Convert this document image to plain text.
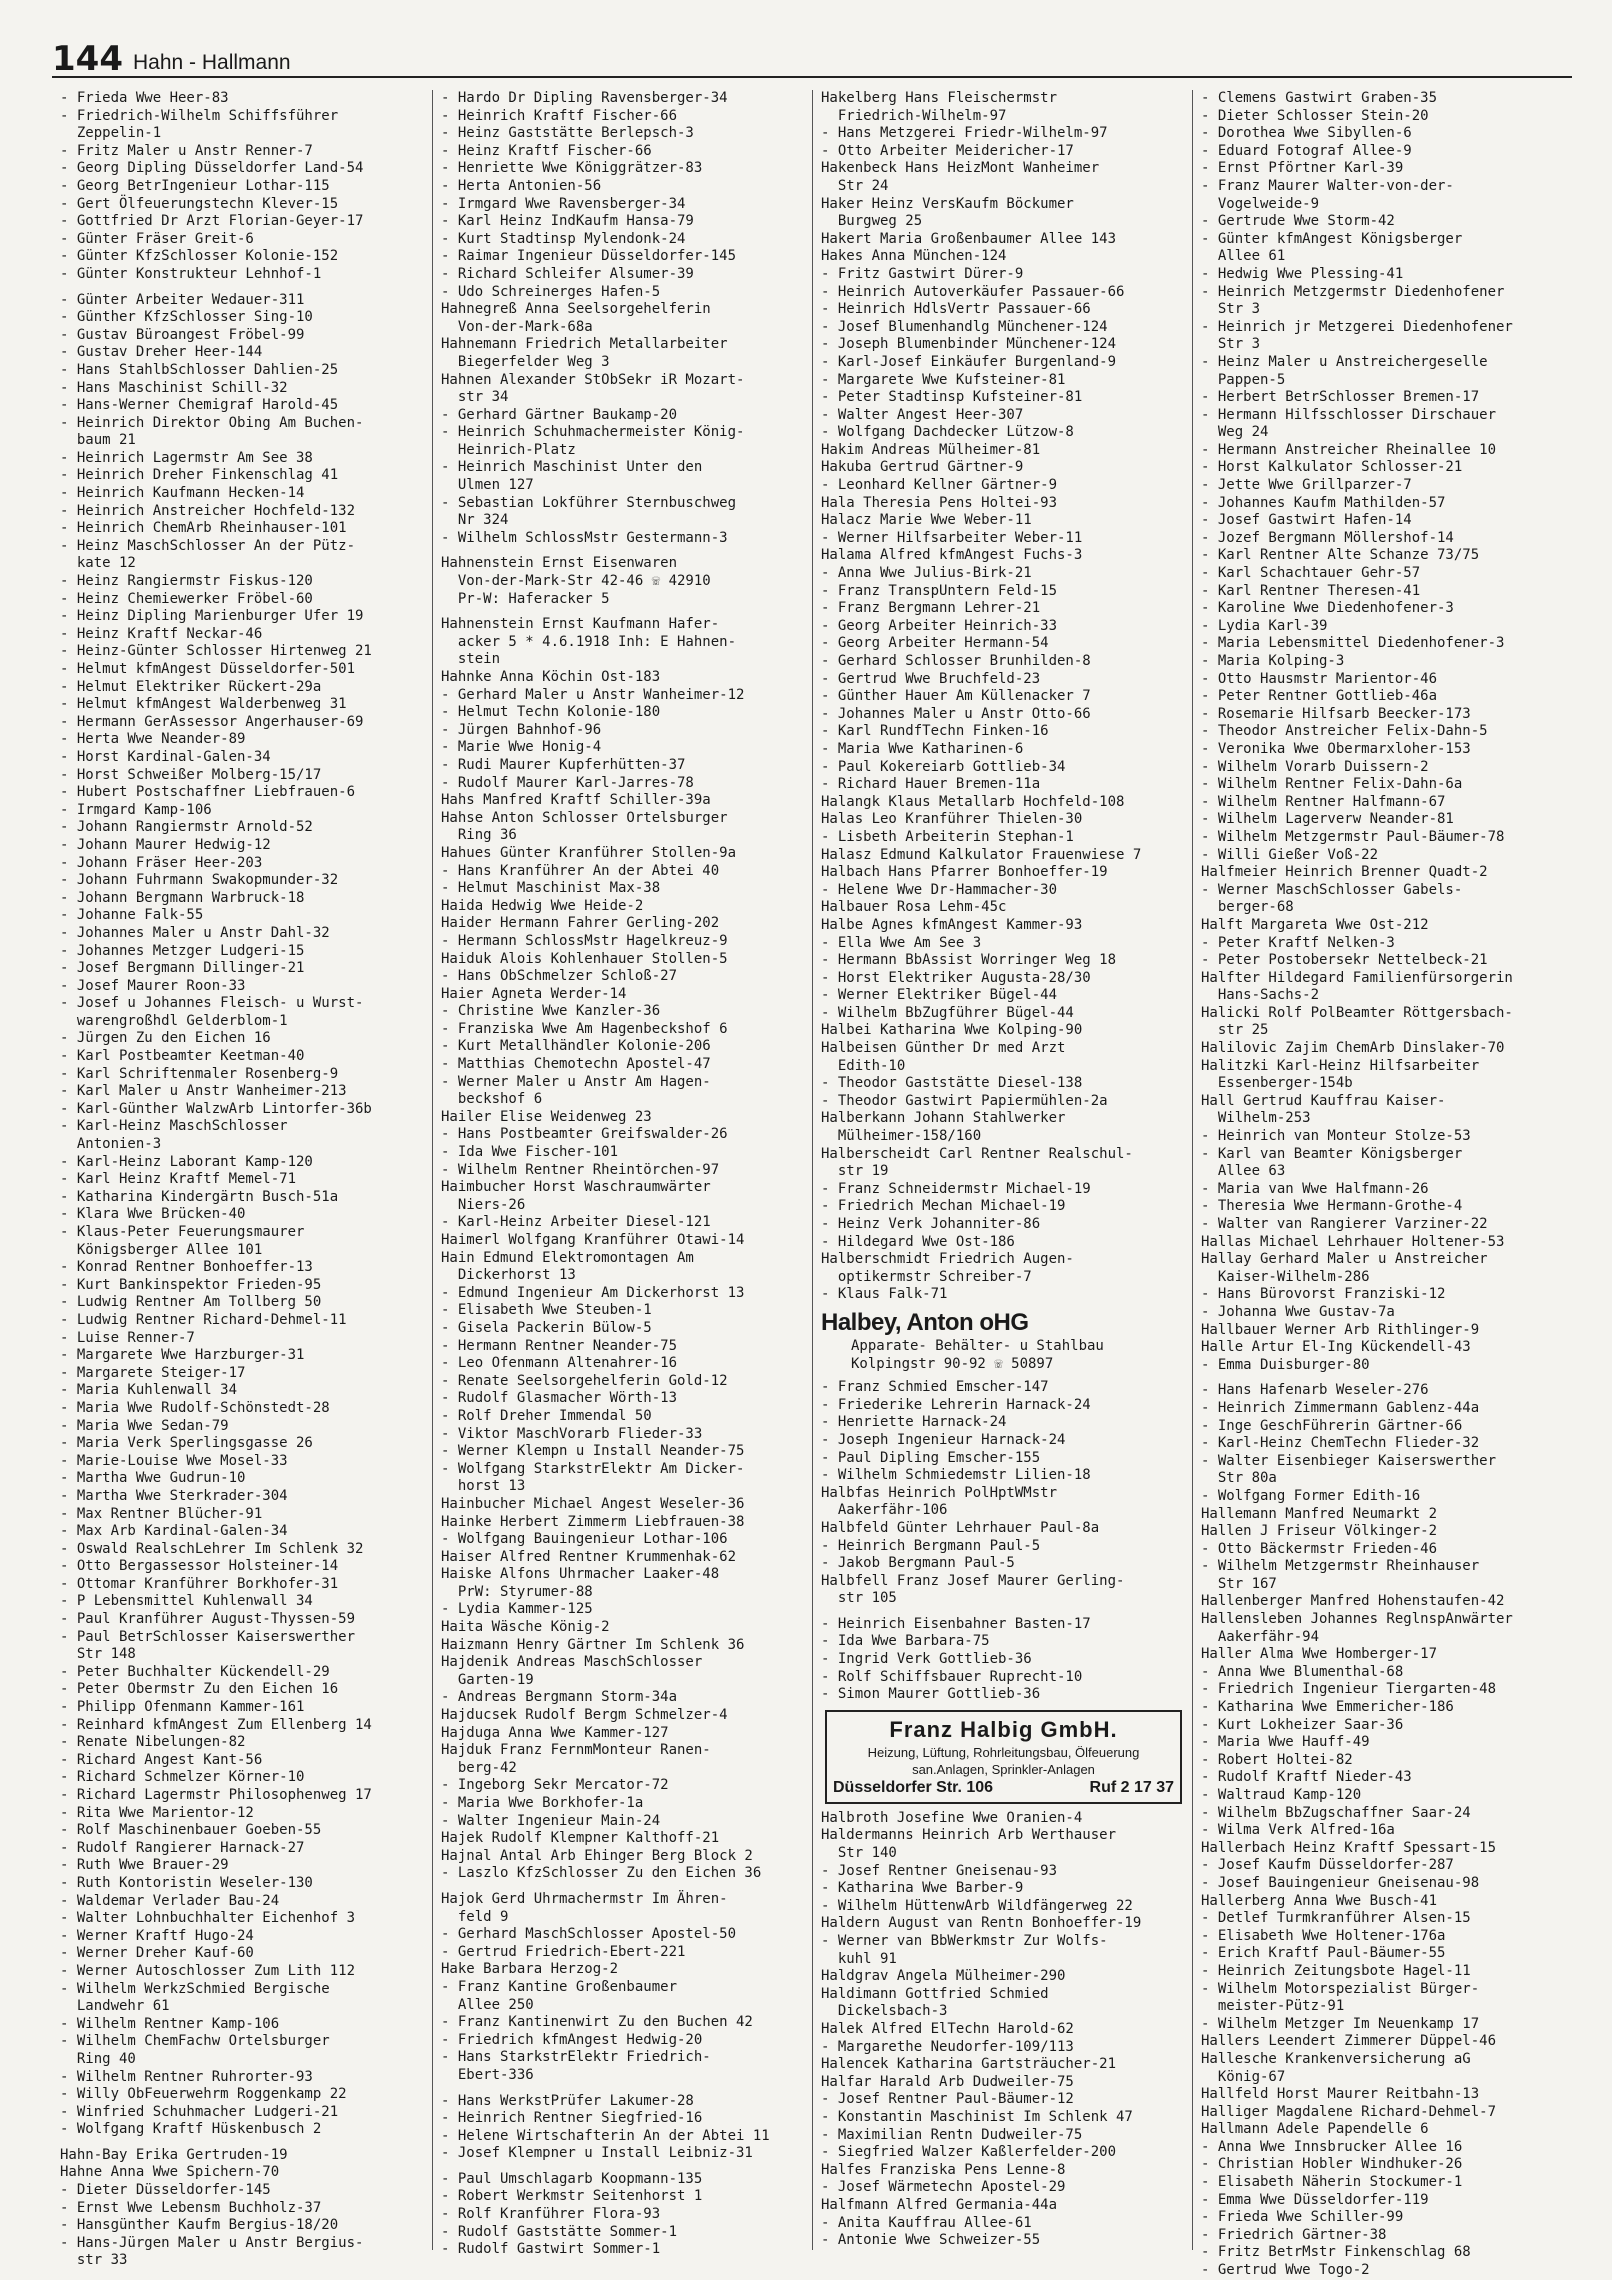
144 Hahn - Hallmann
- Frieda Wwe Heer-83
- Friedrich-Wilhelm Schiffsführer
Zeppelin-1
- Fritz Maler u Anstr Renner-7
- Georg Dipling Düsseldorfer Land-54
- Georg BetrIngenieur Lothar-115
- Gert Ölfeuerungstechn Klever-15
- Gottfried Dr Arzt Florian-Geyer-17
- Günter Fräser Greit-6
- Günter KfzSchlosser Kolonie-152
- Günter Konstrukteur Lehnhof-1
- Günter Arbeiter Wedauer-311
- Günther KfzSchlosser Sing-10
- Gustav Büroangest Fröbel-99
- Gustav Dreher Heer-144
- Hans StahlbSchlosser Dahlien-25
- Hans Maschinist Schill-32
- Hans-Werner Chemigraf Harold-45
- Heinrich Direktor Obing Am Buchen-
baum 21
- Heinrich Lagermstr Am See 38
- Heinrich Dreher Finkenschlag 41
- Heinrich Kaufmann Hecken-14
- Heinrich Anstreicher Hochfeld-132
- Heinrich ChemArb Rheinhauser-101
- Heinz MaschSchlosser An der Pütz-
kate 12
- Heinz Rangiermstr Fiskus-120
- Heinz Chemiewerker Fröbel-60
- Heinz Dipling Marienburger Ufer 19
- Heinz Kraftf Neckar-46
- Heinz-Günter Schlosser Hirtenweg 21
- Helmut kfmAngest Düsseldorfer-501
- Helmut Elektriker Rückert-29a
- Helmut kfmAngest Walderbenweg 31
- Hermann GerAssessor Angerhauser-69
- Herta Wwe Neander-89
- Horst Kardinal-Galen-34
- Horst Schweißer Molberg-15/17
- Hubert Postschaffner Liebfrauen-6
- Irmgard Kamp-106
- Johann Rangiermstr Arnold-52
- Johann Maurer Hedwig-12
- Johann Fräser Heer-203
- Johann Fuhrmann Swakopmunder-32
- Johann Bergmann Warbruck-18
- Johanne Falk-55
- Johannes Maler u Anstr Dahl-32
- Johannes Metzger Ludgeri-15
- Josef Bergmann Dillinger-21
- Josef Maurer Roon-33
- Josef u Johannes Fleisch- u Wurst-
warengroßhdl Gelderblom-1
- Jürgen Zu den Eichen 16
- Karl Postbeamter Keetman-40
- Karl Schriftenmaler Rosenberg-9
- Karl Maler u Anstr Wanheimer-213
- Karl-Günther WalzwArb Lintorfer-36b
- Karl-Heinz MaschSchlosser
Antonien-3
- Karl-Heinz Laborant Kamp-120
- Karl Heinz Kraftf Memel-71
- Katharina Kindergärtn Busch-51a
- Klara Wwe Brücken-40
- Klaus-Peter Feuerungsmaurer
Königsberger Allee 101
- Konrad Rentner Bonhoeffer-13
- Kurt Bankinspektor Frieden-95
- Ludwig Rentner Am Tollberg 50
- Ludwig Rentner Richard-Dehmel-11
- Luise Renner-7
- Margarete Wwe Harzburger-31
- Margarete Steiger-17
- Maria Kuhlenwall 34
- Maria Wwe Rudolf-Schönstedt-28
- Maria Wwe Sedan-79
- Maria Verk Sperlingsgasse 26
- Marie-Louise Wwe Mosel-33
- Martha Wwe Gudrun-10
- Martha Wwe Sterkrader-304
- Max Rentner Blücher-91
- Max Arb Kardinal-Galen-34
- Oswald RealschLehrer Im Schlenk 32
- Otto Bergassessor Holsteiner-14
- Ottomar Kranführer Borkhofer-31
- P Lebensmittel Kuhlenwall 34
- Paul Kranführer August-Thyssen-59
- Paul BetrSchlosser Kaiserswerther
Str 148
- Peter Buchhalter Kückendell-29
- Peter Obermstr Zu den Eichen 16
- Philipp Ofenmann Kammer-161
- Reinhard kfmAngest Zum Ellenberg 14
- Renate Nibelungen-82
- Richard Angest Kant-56
- Richard Schmelzer Körner-10
- Richard Lagermstr Philosophenweg 17
- Rita Wwe Marientor-12
- Rolf Maschinenbauer Goeben-55
- Rudolf Rangierer Harnack-27
- Ruth Wwe Brauer-29
- Ruth Kontoristin Weseler-130
- Waldemar Verlader Bau-24
- Walter Lohnbuchhalter Eichenhof 3
- Werner Kraftf Hugo-24
- Werner Dreher Kauf-60
- Werner Autoschlosser Zum Lith 112
- Wilhelm WerkzSchmied Bergische
Landwehr 61
- Wilhelm Rentner Kamp-106
- Wilhelm ChemFachw Ortelsburger
Ring 40
- Wilhelm Rentner Ruhrorter-93
- Willy ObFeuerwehrm Roggenkamp 22
- Winfried Schuhmacher Ludgeri-21
- Wolfgang Kraftf Hüskenbusch 2
Hahn-Bay Erika Gertruden-19
Hahne Anna Wwe Spichern-70
- Dieter Düsseldorfer-145
- Ernst Wwe Lebensm Buchholz-37
- Hansgünther Kaufm Bergius-18/20
- Hans-Jürgen Maler u Anstr Bergius-
str 33
- Hardo Dr Dipling Ravensberger-34
- Heinrich Kraftf Fischer-66
- Heinz Gaststätte Berlepsch-3
- Heinz Kraftf Fischer-66
- Henriette Wwe Königgrätzer-83
- Herta Antonien-56
- Irmgard Wwe Ravensberger-34
- Karl Heinz IndKaufm Hansa-79
- Kurt Stadtinsp Mylendonk-24
- Raimar Ingenieur Düsseldorfer-145
- Richard Schleifer Alsumer-39
- Udo Schreinerges Hafen-5
Hahnegreß Anna Seelsorgehelferin
Von-der-Mark-68a
Hahnemann Friedrich Metallarbeiter
Biegerfelder Weg 3
Hahnen Alexander StObSekr iR Mozart-
str 34
- Gerhard Gärtner Baukamp-20
- Heinrich Schuhmachermeister König-
Heinrich-Platz
- Heinrich Maschinist Unter den
Ulmen 127
- Sebastian Lokführer Sternbuschweg
Nr 324
- Wilhelm SchlossMstr Gestermann-3
Hahnenstein Ernst Eisenwaren
Von-der-Mark-Str 42-46 ☏ 42910
Pr-W: Haferacker 5
Hahnenstein Ernst Kaufmann Hafer-
acker 5 * 4.6.1918 Inh: E Hahnen-
stein
Hahnke Anna Köchin Ost-183
- Gerhard Maler u Anstr Wanheimer-12
- Helmut Techn Kolonie-180
- Jürgen Bahnhof-96
- Marie Wwe Honig-4
- Rudi Maurer Kupferhütten-37
- Rudolf Maurer Karl-Jarres-78
Hahs Manfred Kraftf Schiller-39a
Hahse Anton Schlosser Ortelsburger
Ring 36
Hahues Günter Kranführer Stollen-9a
- Hans Kranführer An der Abtei 40
- Helmut Maschinist Max-38
Haida Hedwig Wwe Heide-2
Haider Hermann Fahrer Gerling-202
- Hermann SchlossMstr Hagelkreuz-9
Haiduk Alois Kohlenhauer Stollen-5
- Hans ObSchmelzer Schloß-27
Haier Agneta Werder-14
- Christine Wwe Kanzler-36
- Franziska Wwe Am Hagenbeckshof 6
- Kurt Metallhändler Kolonie-206
- Matthias Chemotechn Apostel-47
- Werner Maler u Anstr Am Hagen-
beckshof 6
Hailer Elise Weidenweg 23
- Hans Postbeamter Greifswalder-26
- Ida Wwe Fischer-101
- Wilhelm Rentner Rheintörchen-97
Haimbucher Horst Waschraumwärter
Niers-26
- Karl-Heinz Arbeiter Diesel-121
Haimerl Wolfgang Kranführer Otawi-14
Hain Edmund Elektromontagen Am
Dickerhorst 13
- Edmund Ingenieur Am Dickerhorst 13
- Elisabeth Wwe Steuben-1
- Gisela Packerin Bülow-5
- Hermann Rentner Neander-75
- Leo Ofenmann Altenahrer-16
- Renate Seelsorgehelferin Gold-12
- Rudolf Glasmacher Wörth-13
- Rolf Dreher Immendal 50
- Viktor MaschVorarb Flieder-33
- Werner Klempn u Install Neander-75
- Wolfgang StarkstrElektr Am Dicker-
horst 13
Hainbucher Michael Angest Weseler-36
Hainke Herbert Zimmerm Liebfrauen-38
- Wolfgang Bauingenieur Lothar-106
Haiser Alfred Rentner Krummenhak-62
Haiske Alfons Uhrmacher Laaker-48
PrW: Styrumer-88
- Lydia Kammer-125
Haita Wäsche König-2
Haizmann Henry Gärtner Im Schlenk 36
Hajdenik Andreas MaschSchlosser
Garten-19
- Andreas Bergmann Storm-34a
Hajducsek Rudolf Bergm Schmelzer-4
Hajduga Anna Wwe Kammer-127
Hajduk Franz FernmMonteur Ranen-
berg-42
- Ingeborg Sekr Mercator-72
- Maria Wwe Borkhofer-1a
- Walter Ingenieur Main-24
Hajek Rudolf Klempner Kalthoff-21
Hajnal Antal Arb Ehinger Berg Block 2
- Laszlo KfzSchlosser Zu den Eichen 36
Hajok Gerd Uhrmachermstr Im Ähren-
feld 9
- Gerhard MaschSchlosser Apostel-50
- Gertrud Friedrich-Ebert-221
Hake Barbara Herzog-2
- Franz Kantine Großenbaumer
Allee 250
- Franz Kantinenwirt Zu den Buchen 42
- Friedrich kfmAngest Hedwig-20
- Hans StarkstrElektr Friedrich-
Ebert-336
- Hans WerkstPrüfer Lakumer-28
- Heinrich Rentner Siegfried-16
- Helene Wirtschafterin An der Abtei 11
- Josef Klempner u Install Leibniz-31
- Paul Umschlagarb Koopmann-135
- Robert Werkmstr Seitenhorst 1
- Rolf Kranführer Flora-93
- Rudolf Gaststätte Sommer-1
- Rudolf Gastwirt Sommer-1
Hakelberg Hans Fleischermstr
Friedrich-Wilhelm-97
- Hans Metzgerei Friedr-Wilhelm-97
- Otto Arbeiter Meidericher-17
Hakenbeck Hans HeizMont Wanheimer
Str 24
Haker Heinz VersKaufm Böckumer
Burgweg 25
Hakert Maria Großenbaumer Allee 143
Hakes Anna München-124
- Fritz Gastwirt Dürer-9
- Heinrich Autoverkäufer Passauer-66
- Heinrich HdlsVertr Passauer-66
- Josef Blumenhandlg Münchener-124
- Joseph Blumenbinder Münchener-124
- Karl-Josef Einkäufer Burgenland-9
- Margarete Wwe Kufsteiner-81
- Peter Stadtinsp Kufsteiner-81
- Walter Angest Heer-307
- Wolfgang Dachdecker Lützow-8
Hakim Andreas Mülheimer-81
Hakuba Gertrud Gärtner-9
- Leonhard Kellner Gärtner-9
Hala Theresia Pens Holtei-93
Halacz Marie Wwe Weber-11
- Werner Hilfsarbeiter Weber-11
Halama Alfred kfmAngest Fuchs-3
- Anna Wwe Julius-Birk-21
- Franz TranspUntern Feld-15
- Franz Bergmann Lehrer-21
- Georg Arbeiter Heinrich-33
- Georg Arbeiter Hermann-54
- Gerhard Schlosser Brunhilden-8
- Gertrud Wwe Bruchfeld-23
- Günther Hauer Am Küllenacker 7
- Johannes Maler u Anstr Otto-66
- Karl RundfTechn Finken-16
- Maria Wwe Katharinen-6
- Paul Kokereiarb Gottlieb-34
- Richard Hauer Bremen-11a
Halangk Klaus Metallarb Hochfeld-108
Halas Leo Kranführer Thielen-30
- Lisbeth Arbeiterin Stephan-1
Halasz Edmund Kalkulator Frauenwiese 7
Halbach Hans Pfarrer Bonhoeffer-19
- Helene Wwe Dr-Hammacher-30
Halbauer Rosa Lehm-45c
Halbe Agnes kfmAngest Kammer-93
- Ella Wwe Am See 3
- Hermann BbAssist Worringer Weg 18
- Horst Elektriker Augusta-28/30
- Werner Elektriker Bügel-44
- Wilhelm BbZugführer Bügel-44
Halbei Katharina Wwe Kolping-90
Halbeisen Günther Dr med Arzt
Edith-10
- Theodor Gaststätte Diesel-138
- Theodor Gastwirt Papiermühlen-2a
Halberkann Johann Stahlwerker
Mülheimer-158/160
Halberscheidt Carl Rentner Realschul-
str 19
- Franz Schneidermstr Michael-19
- Friedrich Mechan Michael-19
- Heinz Verk Johanniter-86
- Hildegard Wwe Ost-186
Halberschmidt Friedrich Augen-
optikermstr Schreiber-7
- Klaus Falk-71
Halbey, Anton oHG
Apparate- Behälter- u Stahlbau
Kolpingstr 90-92 ☏ 50897
- Franz Schmied Emscher-147
- Friederike Lehrerin Harnack-24
- Henriette Harnack-24
- Joseph Ingenieur Harnack-24
- Paul Dipling Emscher-155
- Wilhelm Schmiedemstr Lilien-18
Halbfas Heinrich PolHptWMstr
Aakerfähr-106
Halbfeld Günter Lehrhauer Paul-8a
- Heinrich Bergmann Paul-5
- Jakob Bergmann Paul-5
Halbfell Franz Josef Maurer Gerling-
str 105
- Heinrich Eisenbahner Basten-17
- Ida Wwe Barbara-75
- Ingrid Verk Gottlieb-36
- Rolf Schiffsbauer Ruprecht-10
- Simon Maurer Gottlieb-36
Franz Halbig GmbH.
Heizung, Lüftung, Rohrleitungsbau, Ölfeuerung
san.Anlagen, Sprinkler-Anlagen
Düsseldorfer Str. 106	Ruf 2 17 37
Halbroth Josefine Wwe Oranien-4
Haldermanns Heinrich Arb Werthauser
Str 140
- Josef Rentner Gneisenau-93
- Katharina Wwe Barber-9
- Wilhelm HüttenwArb Wildfängerweg 22
Haldern August van Rentn Bonhoeffer-19
- Werner van BbWerkmstr Zur Wolfs-
kuhl 91
Haldgrav Angela Mülheimer-290
Haldimann Gottfried Schmied
Dickelsbach-3
Halek Alfred ElTechn Harold-62
- Margarethe Neudorfer-109/113
Halencek Katharina Gartsträucher-21
Halfar Harald Arb Dudweiler-75
- Josef Rentner Paul-Bäumer-12
- Konstantin Maschinist Im Schlenk 47
- Maximilian Rentn Dudweiler-75
- Siegfried Walzer Kaßlerfelder-200
Halfes Franziska Pens Lenne-8
- Josef Wärmetechn Apostel-29
Halfmann Alfred Germania-44a
- Anita Kauffrau Allee-61
- Antonie Wwe Schweizer-55
- Clemens Gastwirt Graben-35
- Dieter Schlosser Stein-20
- Dorothea Wwe Sibyllen-6
- Eduard Fotograf Allee-9
- Ernst Pförtner Karl-39
- Franz Maurer Walter-von-der-
Vogelweide-9
- Gertrude Wwe Storm-42
- Günter kfmAngest Königsberger
Allee 61
- Hedwig Wwe Plessing-41
- Heinrich Metzgermstr Diedenhofener
Str 3
- Heinrich jr Metzgerei Diedenhofener
Str 3
- Heinz Maler u Anstreichergeselle
Pappen-5
- Herbert BetrSchlosser Bremen-17
- Hermann Hilfsschlosser Dirschauer
Weg 24
- Hermann Anstreicher Rheinallee 10
- Horst Kalkulator Schlosser-21
- Jette Wwe Grillparzer-7
- Johannes Kaufm Mathilden-57
- Josef Gastwirt Hafen-14
- Jozef Bergmann Möllershof-14
- Karl Rentner Alte Schanze 73/75
- Karl Schachtauer Gehr-57
- Karl Rentner Theresen-41
- Karoline Wwe Diedenhofener-3
- Lydia Karl-39
- Maria Lebensmittel Diedenhofener-3
- Maria Kolping-3
- Otto Hausmstr Marientor-46
- Peter Rentner Gottlieb-46a
- Rosemarie Hilfsarb Beecker-173
- Theodor Anstreicher Felix-Dahn-5
- Veronika Wwe Obermarxloher-153
- Wilhelm Vorarb Duissern-2
- Wilhelm Rentner Felix-Dahn-6a
- Wilhelm Rentner Halfmann-67
- Wilhelm Lagerverw Neander-81
- Wilhelm Metzgermstr Paul-Bäumer-78
- Willi Gießer Voß-22
Halfmeier Heinrich Brenner Quadt-2
- Werner MaschSchlosser Gabels-
berger-68
Halft Margareta Wwe Ost-212
- Peter Kraftf Nelken-3
- Peter Postobersekr Nettelbeck-21
Halfter Hildegard Familienfürsorgerin
Hans-Sachs-2
Halicki Rolf PolBeamter Röttgersbach-
str 25
Halilovic Zajim ChemArb Dinslaker-70
Halitzki Karl-Heinz Hilfsarbeiter
Essenberger-154b
Hall Gertrud Kauffrau Kaiser-
Wilhelm-253
- Heinrich van Monteur Stolze-53
- Karl van Beamter Königsberger
Allee 63
- Maria van Wwe Halfmann-26
- Theresia Wwe Hermann-Grothe-4
- Walter van Rangierer Varziner-22
Hallas Michael Lehrhauer Holtener-53
Hallay Gerhard Maler u Anstreicher
Kaiser-Wilhelm-286
- Hans Bürovorst Franziski-12
- Johanna Wwe Gustav-7a
Hallbauer Werner Arb Rithlinger-9
Halle Artur El-Ing Kückendell-43
- Emma Duisburger-80
- Hans Hafenarb Weseler-276
- Heinrich Zimmermann Gablenz-44a
- Inge GeschFührerin Gärtner-66
- Karl-Heinz ChemTechn Flieder-32
- Walter Eisenbieger Kaiserswerther
Str 80a
- Wolfgang Former Edith-16
Hallemann Manfred Neumarkt 2
Hallen J Friseur Völkinger-2
- Otto Bäckermstr Frieden-46
- Wilhelm Metzgermstr Rheinhauser
Str 167
Hallenberger Manfred Hohenstaufen-42
Hallensleben Johannes ReglnspAnwärter
Aakerfähr-94
Haller Alma Wwe Homberger-17
- Anna Wwe Blumenthal-68
- Friedrich Ingenieur Tiergarten-48
- Katharina Wwe Emmericher-186
- Kurt Lokheizer Saar-36
- Maria Wwe Hauff-49
- Robert Holtei-82
- Rudolf Kraftf Nieder-43
- Waltraud Kamp-120
- Wilhelm BbZugschaffner Saar-24
- Wilma Verk Alfred-16a
Hallerbach Heinz Kraftf Spessart-15
- Josef Kaufm Düsseldorfer-287
- Josef Bauingenieur Gneisenau-98
Hallerberg Anna Wwe Busch-41
- Detlef Turmkranführer Alsen-15
- Elisabeth Wwe Holtener-176a
- Erich Kraftf Paul-Bäumer-55
- Heinrich Zeitungsbote Hagel-11
- Wilhelm Motorspezialist Bürger-
meister-Pütz-91
- Wilhelm Metzger Im Neuenkamp 17
Hallers Leendert Zimmerer Düppel-46
Hallesche Krankenversicherung aG
König-67
Hallfeld Horst Maurer Reitbahn-13
Halliger Magdalene Richard-Dehmel-7
Hallmann Adele Papendelle 6
- Anna Wwe Innsbrucker Allee 16
- Christian Hobler Windhuker-26
- Elisabeth Näherin Stockumer-1
- Emma Wwe Düsseldorfer-119
- Frieda Wwe Schiller-99
- Friedrich Gärtner-38
- Fritz BetrMstr Finkenschlag 68
- Gertrud Wwe Togo-2
